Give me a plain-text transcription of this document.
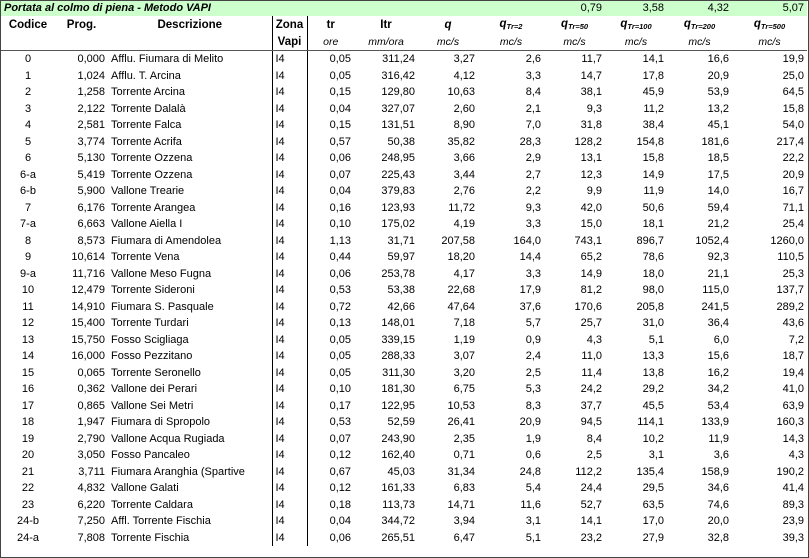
Portata al colmo di piena - Metodo VAPI								0,79	3,58	4,32	5,07	
Codice	Prog.	Descrizione	Zona	tr	Itr	q	$q_{Tr=2}$	$q_{Tr=50}$	$q_{Tr=100}$	$q_{Tr=200}$	$q_{Tr=500}$
			Vapi	ore	mm/ora	mc/s	mc/s	mc/s	mc/s	mc/s	mc/s	
0	0,000	Afflu. Fiumara di Melito	I4	0,05	311,24	3,27	2,6	11,7	14,1	16,6	19,9	
1	1,024	Afflu. T. Arcina	I4	0,05	316,42	4,12	3,3	14,7	17,8	20,9	25,0	
2	1,258	Torrente Arcina	I4	0,15	129,80	10,63	8,4	38,1	45,9	53,9	64,5	
3	2,122	Torrente Dalalà	I4	0,04	327,07	2,60	2,1	9,3	11,2	13,2	15,8	
4	2,581	Torrente Falca	I4	0,15	131,51	8,90	7,0	31,8	38,4	45,1	54,0	
5	3,774	Torrente Acrifa	I4	0,57	50,38	35,82	28,3	128,2	154,8	181,6	217,4	
6	5,130	Torrente Ozzena	I4	0,06	248,95	3,66	2,9	13,1	15,8	18,5	22,2	
6-a	5,419	Torrente Ozzena	I4	0,07	225,43	3,44	2,7	12,3	14,9	17,5	20,9	
6-b	5,900	Vallone Trearie	I4	0,04	379,83	2,76	2,2	9,9	11,9	14,0	16,7	
7	6,176	Torrente Arangea	I4	0,16	123,93	11,72	9,3	42,0	50,6	59,4	71,1	
7-a	6,663	Vallone Aiella I	I4	0,10	175,02	4,19	3,3	15,0	18,1	21,2	25,4	
8	8,573	Fiumara di Amendolea	I4	1,13	31,71	207,58	164,0	743,1	896,7	1052,4	1260,0	
9	10,614	Torrente Vena	I4	0,44	59,97	18,20	14,4	65,2	78,6	92,3	110,5	
9-a	11,716	Vallone Meso Fugna	I4	0,06	253,78	4,17	3,3	14,9	18,0	21,1	25,3	
10	12,479	Torrente Sideroni	I4	0,53	53,38	22,68	17,9	81,2	98,0	115,0	137,7	
11	14,910	Fiumara S. Pasquale	I4	0,72	42,66	47,64	37,6	170,6	205,8	241,5	289,2	
12	15,400	Torrente Turdari	I4	0,13	148,01	7,18	5,7	25,7	31,0	36,4	43,6	
13	15,750	Fosso Scigliaga	I4	0,05	339,15	1,19	0,9	4,3	5,1	6,0	7,2	
14	16,000	Fosso Pezzitano	I4	0,05	288,33	3,07	2,4	11,0	13,3	15,6	18,7	
15	0,065	Torrente Seronello	I4	0,05	311,30	3,20	2,5	11,4	13,8	16,2	19,4	
16	0,362	Vallone dei Perari	I4	0,10	181,30	6,75	5,3	24,2	29,2	34,2	41,0	
17	0,865	Vallone Sei Metri	I4	0,17	122,95	10,53	8,3	37,7	45,5	53,4	63,9	
18	1,947	Fiumara di Spropolo	I4	0,53	52,59	26,41	20,9	94,5	114,1	133,9	160,3	
19	2,790	Vallone Acqua Rugiada	I4	0,07	243,90	2,35	1,9	8,4	10,2	11,9	14,3	
20	3,050	Fosso Pancaleo	I4	0,12	162,40	0,71	0,6	2,5	3,1	3,6	4,3	
21	3,711	Fiumara Aranghia (Spartive	I4	0,67	45,03	31,34	24,8	112,2	135,4	158,9	190,2	
22	4,832	Vallone Galati	I4	0,12	161,33	6,83	5,4	24,4	29,5	34,6	41,4	
23	6,220	Torrente Caldara	I4	0,18	113,73	14,71	11,6	52,7	63,5	74,6	89,3	
24-b	7,250	Affl. Torrente Fischia	I4	0,04	344,72	3,94	3,1	14,1	17,0	20,0	23,9	
24-a	7,808	Torrente Fischia	I4	0,06	265,51	6,47	5,1	23,2	27,9	32,8	39,3	
